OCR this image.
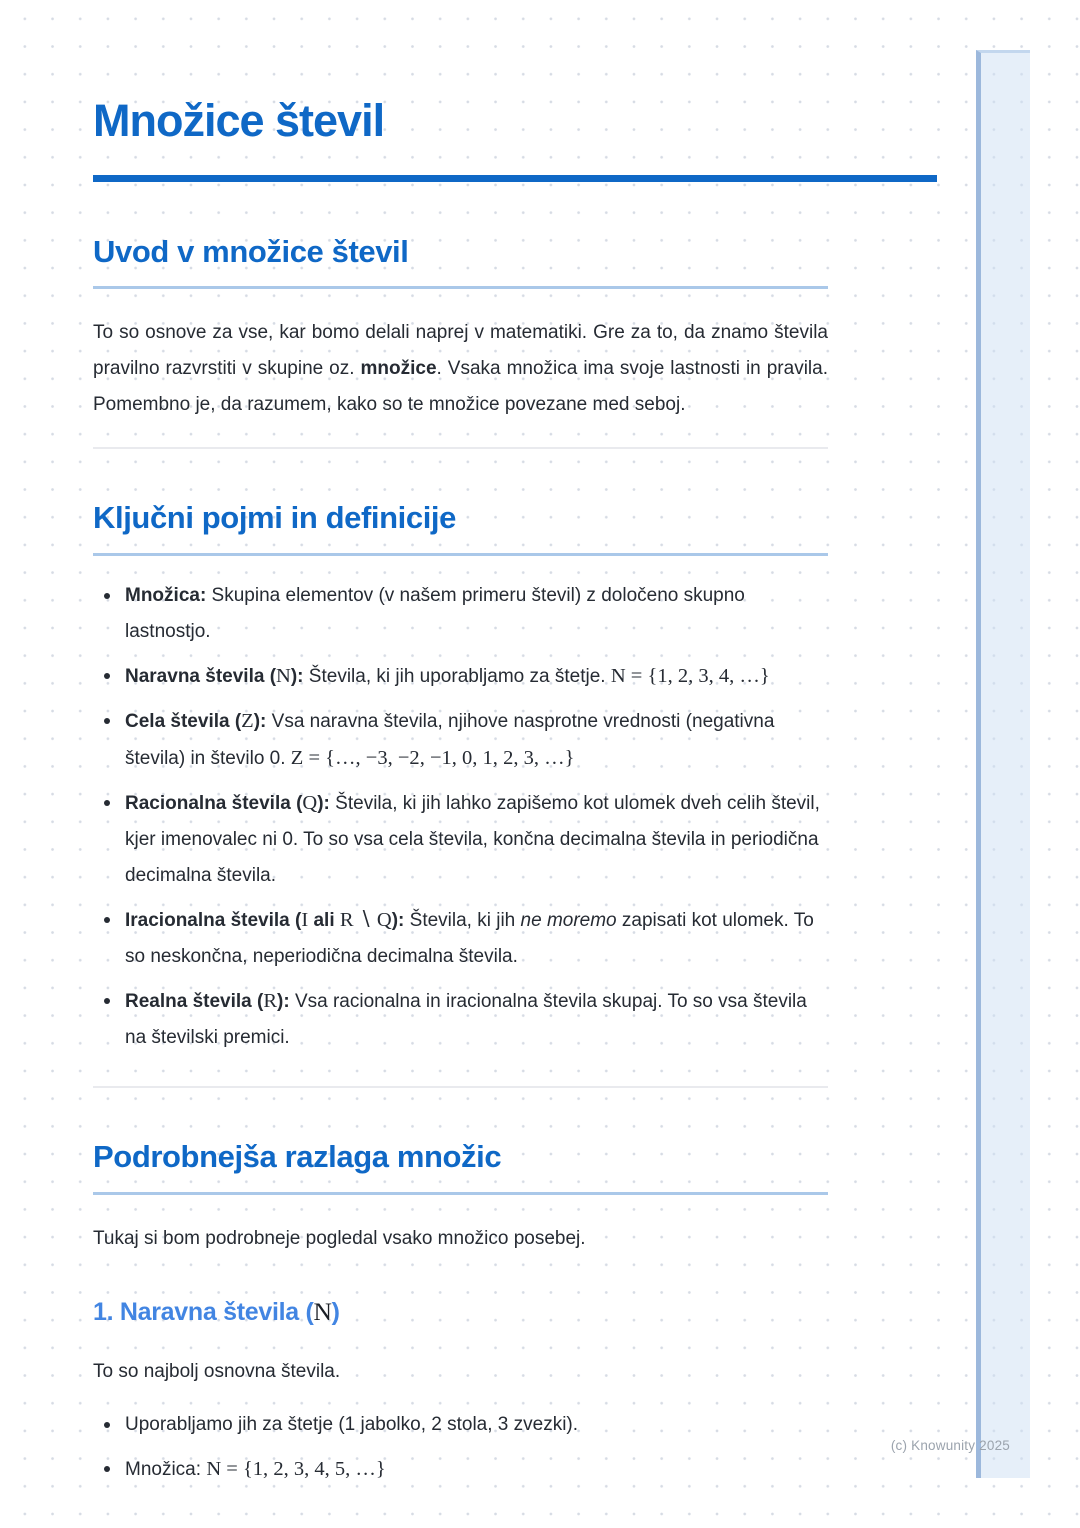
(c) Knowunity 2025
Množice števil
Uvod v množice števil

To so osnove za vse, kar bomo delali naprej v matematiki. Gre za to, da znamo števila pravilno razvrstiti v skupine oz. množice. Vsaka množica ima svoje lastnosti in pravila. Pomembno je, da razumem, kako so te množice povezane med seboj.

Ključni pojmi in definicije
Množica: Skupina elementov (v našem primeru števil) z določeno skupno lastnostjo.
Naravna števila (N): Števila, ki jih uporabljamo za štetje. N = {1, 2, 3, 4, …}
Cela števila (Z): Vsa naravna števila, njihove nasprotne vrednosti (negativna števila) in število 0. Z = {…, −3, −2, −1, 0, 1, 2, 3, …}
Racionalna števila (Q): Števila, ki jih lahko zapišemo kot ulomek dveh celih števil, kjer imenovalec ni 0. To so vsa cela števila, končna decimalna števila in periodična decimalna števila.
Iracionalna števila (I ali R ∖ Q): Števila, ki jih ne moremo zapisati kot ulomek. To so neskončna, neperiodična decimalna števila.
Realna števila (R): Vsa racionalna in iracionalna števila skupaj. To so vsa števila na številski premici.
Podrobnejša razlaga množic

Tukaj si bom podrobneje pogledal vsako množico posebej.

1. Naravna števila (N)

To so najbolj osnovna števila.

Uporabljamo jih za štetje (1 jabolko, 2 stola, 3 zvezki).
Množica: N = {1, 2, 3, 4, 5, …}
